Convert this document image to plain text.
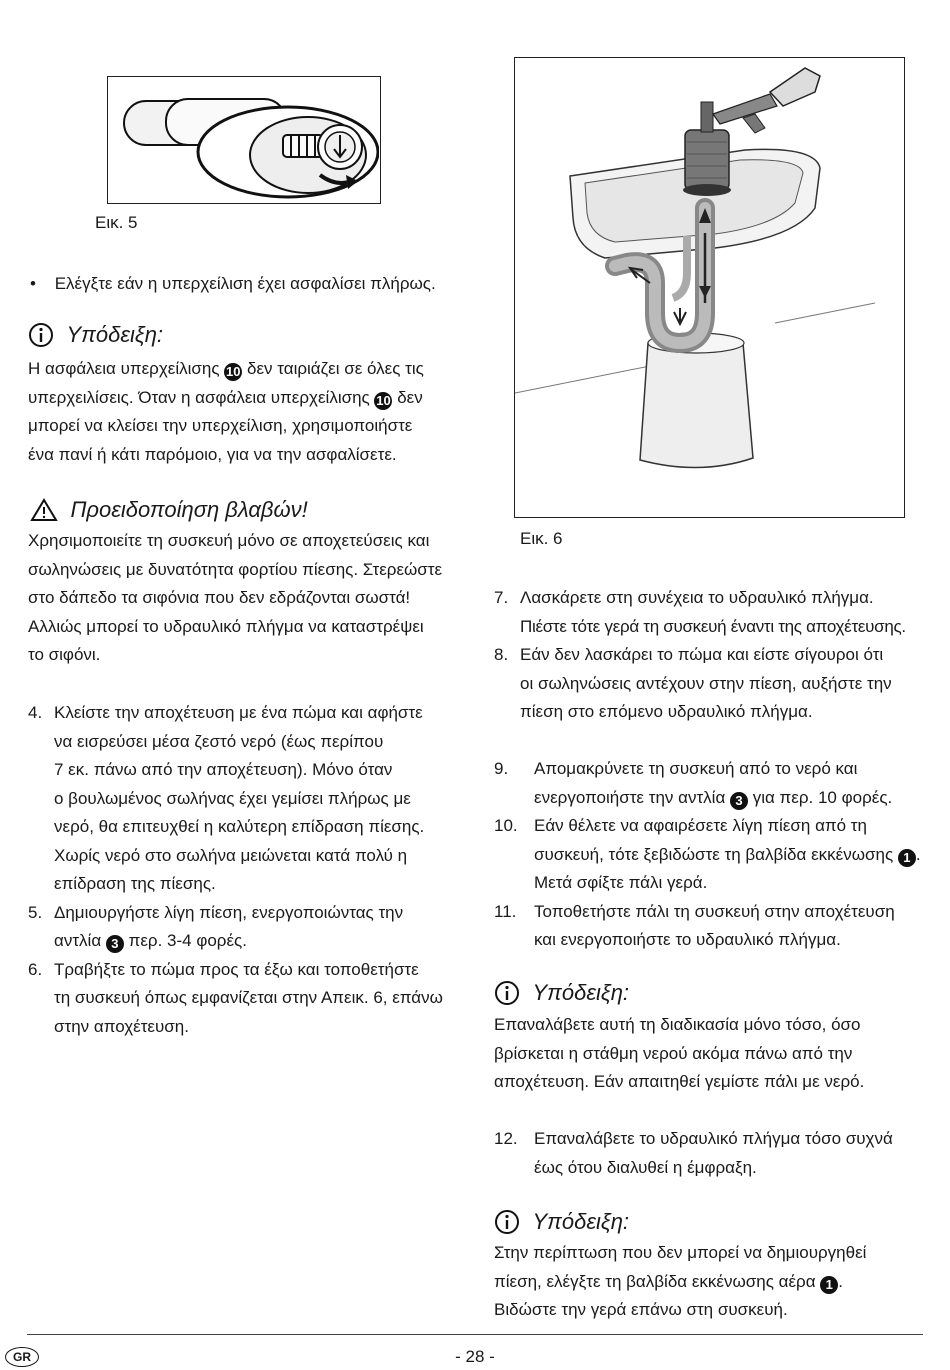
Εικ. 5
• Ελέγξτε εάν η υπερχείλιση έχει ασφαλίσει πλήρως.
Υπόδειξη:
Η ασφάλεια υπερχείλισης 10 δεν ταιριάζει σε όλες τις
υπερχειλίσεις. Όταν η ασφάλεια υπερχείλισης 10 δεν
μπορεί να κλείσει την υπερχείλιση, χρησιμοποιήστε
ένα πανί ή κάτι παρόμοιο, για να την ασφαλίσετε.
Προειδοποίηση βλαβών!
Χρησιμοποιείτε τη συσκευή μόνο σε αποχετεύσεις και
σωληνώσεις με δυνατότητα φορτίου πίεσης. Στερεώστε
στο δάπεδο τα σιφόνια που δεν εδράζονται σωστά!
Αλλιώς μπορεί το υδραυλικό πλήγμα να καταστρέψει
το σιφόνι.
4. Κλείστε την αποχέτευση με ένα πώμα και αφήστε
να εισρεύσει μέσα ζεστό νερό (έως περίπου
7 εκ. πάνω από την αποχέτευση). Μόνο όταν
ο βουλωμένος σωλήνας έχει γεμίσει πλήρως με
νερό, θα επιτευχθεί η καλύτερη επίδραση πίεσης.
Χωρίς νερό στο σωλήνα μειώνεται κατά πολύ η
επίδραση της πίεσης.
5. Δημιουργήστε λίγη πίεση, ενεργοποιώντας την
αντλία 3 περ. 3-4 φορές.
6. Τραβήξτε το πώμα προς τα έξω και τοποθετήστε
τη συσκευή όπως εμφανίζεται στην Απεικ. 6, επάνω
στην αποχέτευση.
Εικ. 6
7. Λασκάρετε στη συνέχεια το υδραυλικό πλήγμα.
Πιέστε τότε γερά τη συσκευή έναντι της αποχέτευσης.
8. Εάν δεν λασκάρει το πώμα και είστε σίγουροι ότι
οι σωληνώσεις αντέχουν στην πίεση, αυξήστε την
πίεση στο επόμενο υδραυλικό πλήγμα.
9. Απομακρύνετε τη συσκευή από το νερό και
ενεργοποιήστε την αντλία 3 για περ. 10 φορές.
10. Εάν θέλετε να αφαιρέσετε λίγη πίεση από τη
συσκευή, τότε ξεβιδώστε τη βαλβίδα εκκένωσης 1 .
Μετά σφίξτε πάλι γερά.
11. Τοποθετήστε πάλι τη συσκευή στην αποχέτευση
και ενεργοποιήστε το υδραυλικό πλήγμα.
Υπόδειξη:
Επαναλάβετε αυτή τη διαδικασία μόνο τόσο, όσο
βρίσκεται η στάθμη νερού ακόμα πάνω από την
αποχέτευση. Εάν απαιτηθεί γεμίστε πάλι με νερό.
12. Επαναλάβετε το υδραυλικό πλήγμα τόσο συχνά
έως ότου διαλυθεί η έμφραξη.
Υπόδειξη:
Στην περίπτωση που δεν μπορεί να δημιουργηθεί
πίεση, ελέγξτε τη βαλβίδα εκκένωσης αέρα 1 .
Βιδώστε την γερά επάνω στη συσκευή.
GR	- 28 -
